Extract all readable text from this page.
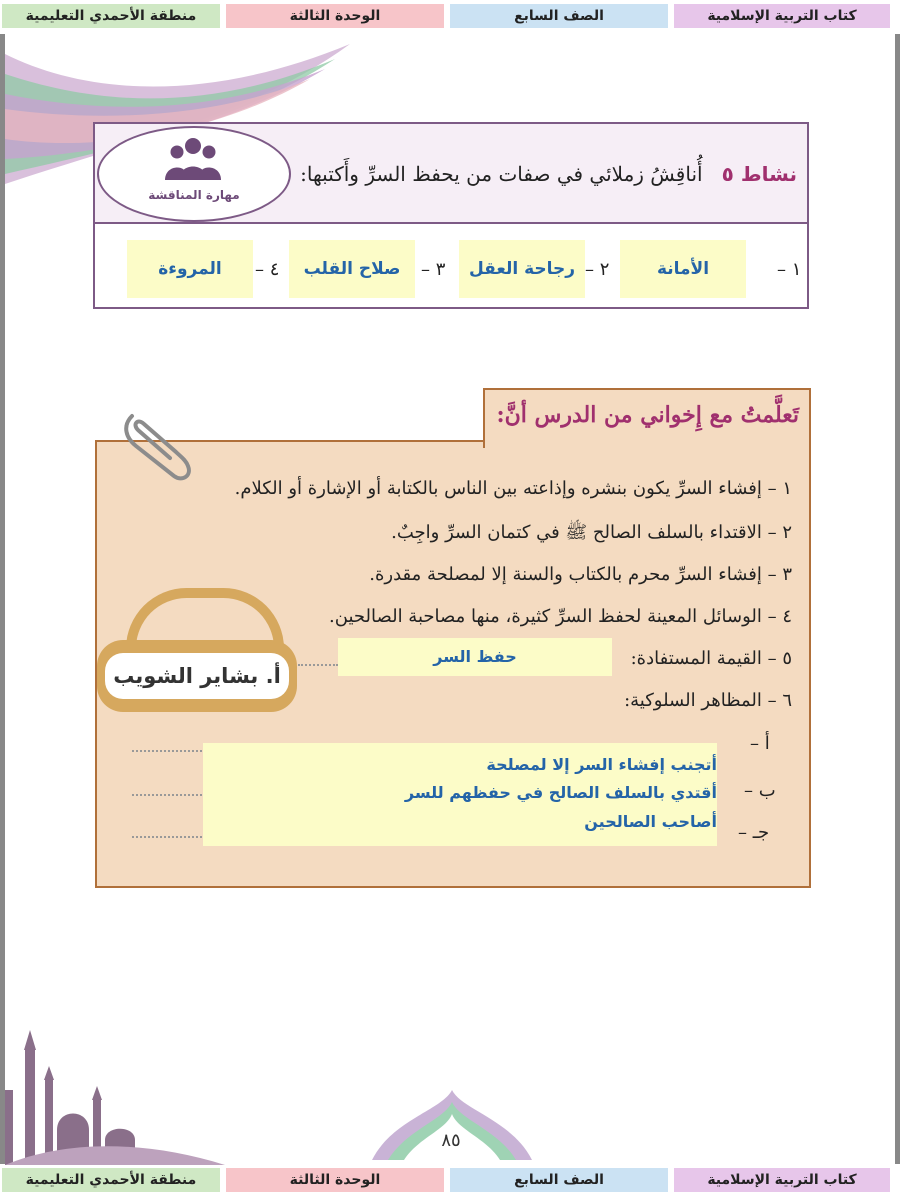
منطقة الأحمدي التعليمية	الوحدة الثالثة	الصف السابع	كتاب التربية الإسلامية
مهارة المناقشة
نشاط ٥   أُناقِشُ زملائي في صفات من يحفظ السرِّ وأَكتبها:
١ –
الأمانة
٢ –
رجاحة العقل
٣ –
صلاح القلب
٤ –
المروءة
تَعلَّمتُ مع إِخواني من الدرس أنَّ:
١ – إفشاء السرِّ يكون بنشره وإذاعته بين الناس بالكتابة أو الإشارة أو الكلام.
٢ – الاقتداء بالسلف الصالح ﷺ في كتمان السرِّ واجِبٌ.
٣ – إفشاء السرِّ محرم بالكتاب والسنة إلا لمصلحة مقدرة.
٤ – الوسائل المعينة لحفظ السرِّ كثيرة، منها مصاحبة الصالحين.
٥ – القيمة المستفادة:
حفظ السر
٦ – المظاهر السلوكية:
أ –
ب –
جـ –
أتجنب إفشاء السر إلا لمصلحة
أقتدي بالسلف الصالح في حفظهم للسر
أصاحب الصالحين
أ. بشاير الشويب
٨٥
منطقة الأحمدي التعليمية	الوحدة الثالثة	الصف السابع	كتاب التربية الإسلامية
